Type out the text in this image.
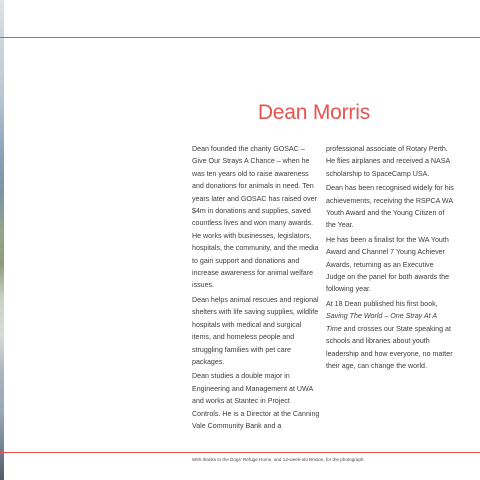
Dean Morris

Dean founded the charity GOSAC – Give Our Strays A Chance – when he was ten years old to raise awareness and donations for animals in need. Ten years later and GOSAC has raised over $4m in donations and supplies, saved countless lives and won many awards. He works with businesses, legislators, hospitals, the community, and the media to gain support and donations and increase awareness for animal welfare issues.

Dean helps animal rescues and regional shelters with life saving supplies, wildlife hospitals with medical and surgical items, and homeless people and struggling families with pet care packages.

Dean studies a double major in Engineering and Management at UWA and works at Stantec in Project Controls. He is a Director at the Canning Vale Community Bank and a

professional associate of Rotary Perth. He flies airplanes and received a NASA scholarship to SpaceCamp USA.

Dean has been recognised widely for his achievements, receiving the RSPCA WA Youth Award and the Young Citizen of the Year.

He has been a finalist for the WA Youth Award and Channel 7 Young Achiever Awards, returning as an Executive Judge on the panel for both awards the following year.

At 18 Dean published his first book, Saving The World – One Stray At A Time and crosses our State speaking at schools and libraries about youth leadership and how everyone, no matter their age, can change the world.

With thanks to the Dogs' Refuge Home, and 12-week-old Brixton, for the photograph.
